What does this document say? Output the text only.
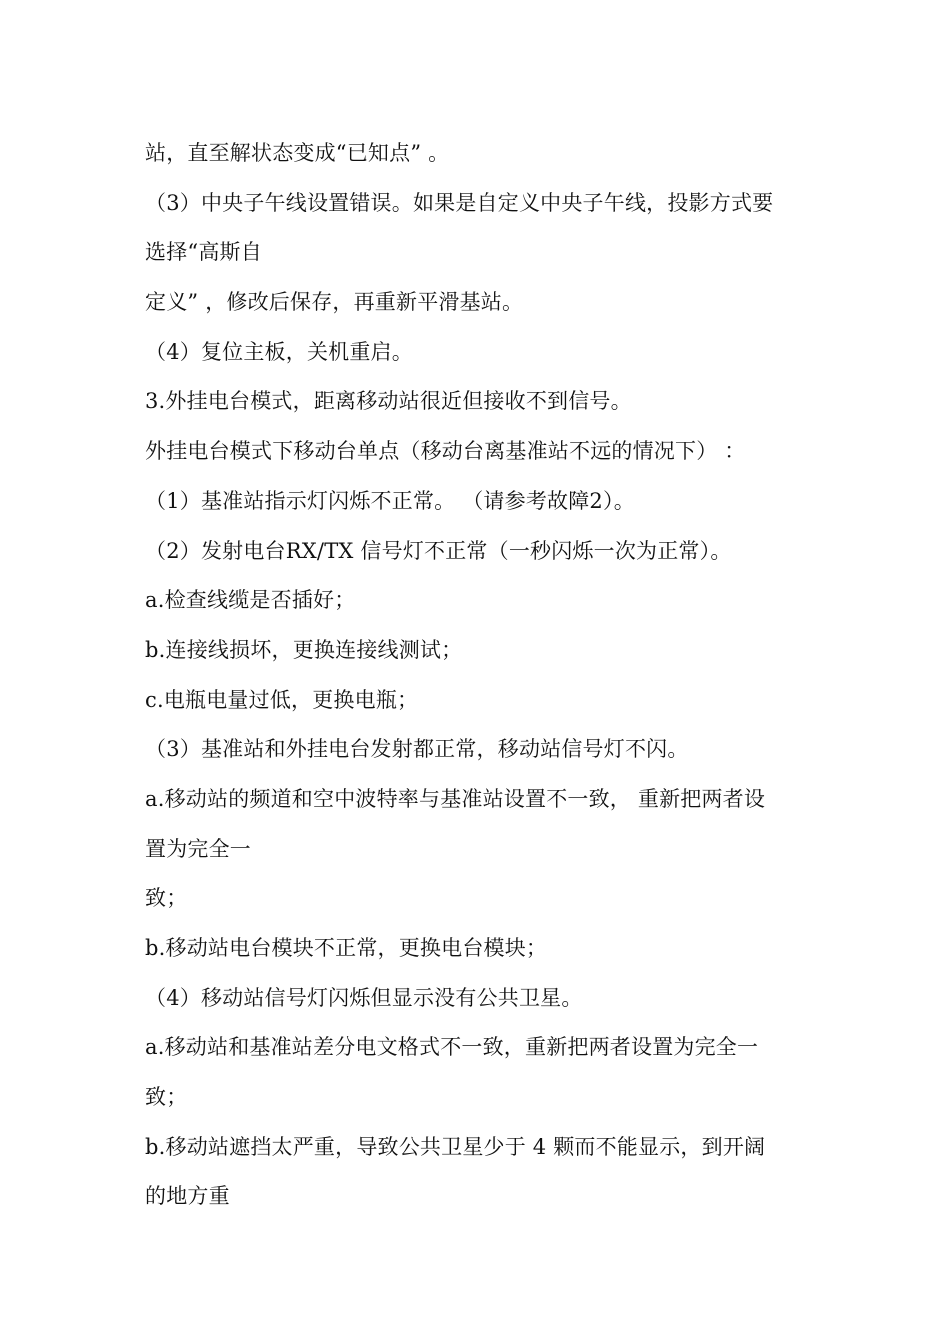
站，直至解状态变成“已知点” 。
（3）中央子午线设置错误。如果是自定义中央子午线，投影方式要
选择“高斯自
定义” ，修改后保存，再重新平滑基站。
（4）复位主板，关机重启。
3.外挂电台模式，距离移动站很近但接收不到信号。
外挂电台模式下移动台单点（移动台离基准站不远的情况下） ：
（1）基准站指示灯闪烁不正常。 （请参考故障2）。
（2）发射电台RX/TX 信号灯不正常（一秒闪烁一次为正常）。
a.检查线缆是否插好；
b.连接线损坏，更换连接线测试；
c.电瓶电量过低，更换电瓶；
（3）基准站和外挂电台发射都正常，移动站信号灯不闪。
a.移动站的频道和空中波特率与基准站设置不一致， 重新把两者设
置为完全一
致；
b.移动站电台模块不正常，更换电台模块；
（4）移动站信号灯闪烁但显示没有公共卫星。
a.移动站和基准站差分电文格式不一致，重新把两者设置为完全一
致；
b.移动站遮挡太严重，导致公共卫星少于 4 颗而不能显示，到开阔
的地方重
